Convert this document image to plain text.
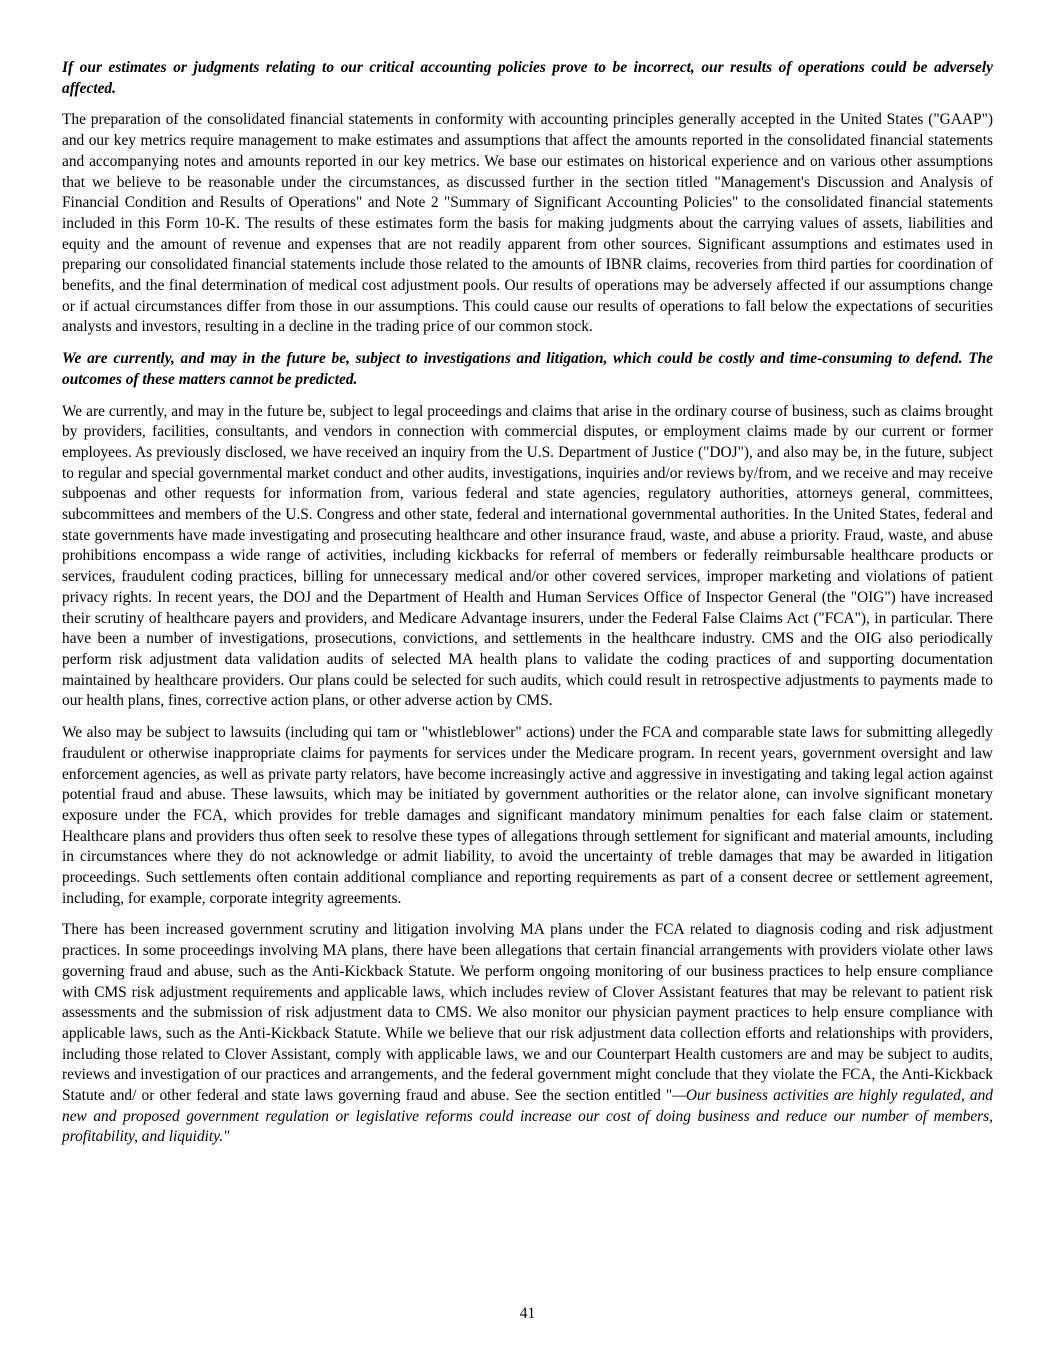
If our estimates or judgments relating to our critical accounting policies prove to be incorrect, our results of operations could be adversely affected.

The preparation of the consolidated financial statements in conformity with accounting principles generally accepted in the United States ("GAAP") and our key metrics require management to make estimates and assumptions that affect the amounts reported in the consolidated financial statements and accompanying notes and amounts reported in our key metrics. We base our estimates on historical experience and on various other assumptions that we believe to be reasonable under the circumstances, as discussed further in the section titled "Management's Discussion and Analysis of Financial Condition and Results of Operations" and Note 2 "Summary of Significant Accounting Policies" to the consolidated financial statements included in this Form 10-K. The results of these estimates form the basis for making judgments about the carrying values of assets, liabilities and equity and the amount of revenue and expenses that are not readily apparent from other sources. Significant assumptions and estimates used in preparing our consolidated financial statements include those related to the amounts of IBNR claims, recoveries from third parties for coordination of benefits, and the final determination of medical cost adjustment pools. Our results of operations may be adversely affected if our assumptions change or if actual circumstances differ from those in our assumptions. This could cause our results of operations to fall below the expectations of securities analysts and investors, resulting in a decline in the trading price of our common stock.

We are currently, and may in the future be, subject to investigations and litigation, which could be costly and time-consuming to defend. The outcomes of these matters cannot be predicted.

We are currently, and may in the future be, subject to legal proceedings and claims that arise in the ordinary course of business, such as claims brought by providers, facilities, consultants, and vendors in connection with commercial disputes, or employment claims made by our current or former employees. As previously disclosed, we have received an inquiry from the U.S. Department of Justice ("DOJ"), and also may be, in the future, subject to regular and special governmental market conduct and other audits, investigations, inquiries and/or reviews by/from, and we receive and may receive subpoenas and other requests for information from, various federal and state agencies, regulatory authorities, attorneys general, committees, subcommittees and members of the U.S. Congress and other state, federal and international governmental authorities. In the United States, federal and state governments have made investigating and prosecuting healthcare and other insurance fraud, waste, and abuse a priority. Fraud, waste, and abuse prohibitions encompass a wide range of activities, including kickbacks for referral of members or federally reimbursable healthcare products or services, fraudulent coding practices, billing for unnecessary medical and/or other covered services, improper marketing and violations of patient privacy rights. In recent years, the DOJ and the Department of Health and Human Services Office of Inspector General (the "OIG") have increased their scrutiny of healthcare payers and providers, and Medicare Advantage insurers, under the Federal False Claims Act ("FCA"), in particular. There have been a number of investigations, prosecutions, convictions, and settlements in the healthcare industry. CMS and the OIG also periodically perform risk adjustment data validation audits of selected MA health plans to validate the coding practices of and supporting documentation maintained by healthcare providers. Our plans could be selected for such audits, which could result in retrospective adjustments to payments made to our health plans, fines, corrective action plans, or other adverse action by CMS.

We also may be subject to lawsuits (including qui tam or "whistleblower" actions) under the FCA and comparable state laws for submitting allegedly fraudulent or otherwise inappropriate claims for payments for services under the Medicare program. In recent years, government oversight and law enforcement agencies, as well as private party relators, have become increasingly active and aggressive in investigating and taking legal action against potential fraud and abuse. These lawsuits, which may be initiated by government authorities or the relator alone, can involve significant monetary exposure under the FCA, which provides for treble damages and significant mandatory minimum penalties for each false claim or statement. Healthcare plans and providers thus often seek to resolve these types of allegations through settlement for significant and material amounts, including in circumstances where they do not acknowledge or admit liability, to avoid the uncertainty of treble damages that may be awarded in litigation proceedings. Such settlements often contain additional compliance and reporting requirements as part of a consent decree or settlement agreement, including, for example, corporate integrity agreements.

There has been increased government scrutiny and litigation involving MA plans under the FCA related to diagnosis coding and risk adjustment practices. In some proceedings involving MA plans, there have been allegations that certain financial arrangements with providers violate other laws governing fraud and abuse, such as the Anti-Kickback Statute. We perform ongoing monitoring of our business practices to help ensure compliance with CMS risk adjustment requirements and applicable laws, which includes review of Clover Assistant features that may be relevant to patient risk assessments and the submission of risk adjustment data to CMS. We also monitor our physician payment practices to help ensure compliance with applicable laws, such as the Anti-Kickback Statute. While we believe that our risk adjustment data collection efforts and relationships with providers, including those related to Clover Assistant, comply with applicable laws, we and our Counterpart Health customers are and may be subject to audits, reviews and investigation of our practices and arrangements, and the federal government might conclude that they violate the FCA, the Anti-Kickback Statute and/ or other federal and state laws governing fraud and abuse. See the section entitled "—Our business activities are highly regulated, and new and proposed government regulation or legislative reforms could increase our cost of doing business and reduce our number of members, profitability, and liquidity."

41
